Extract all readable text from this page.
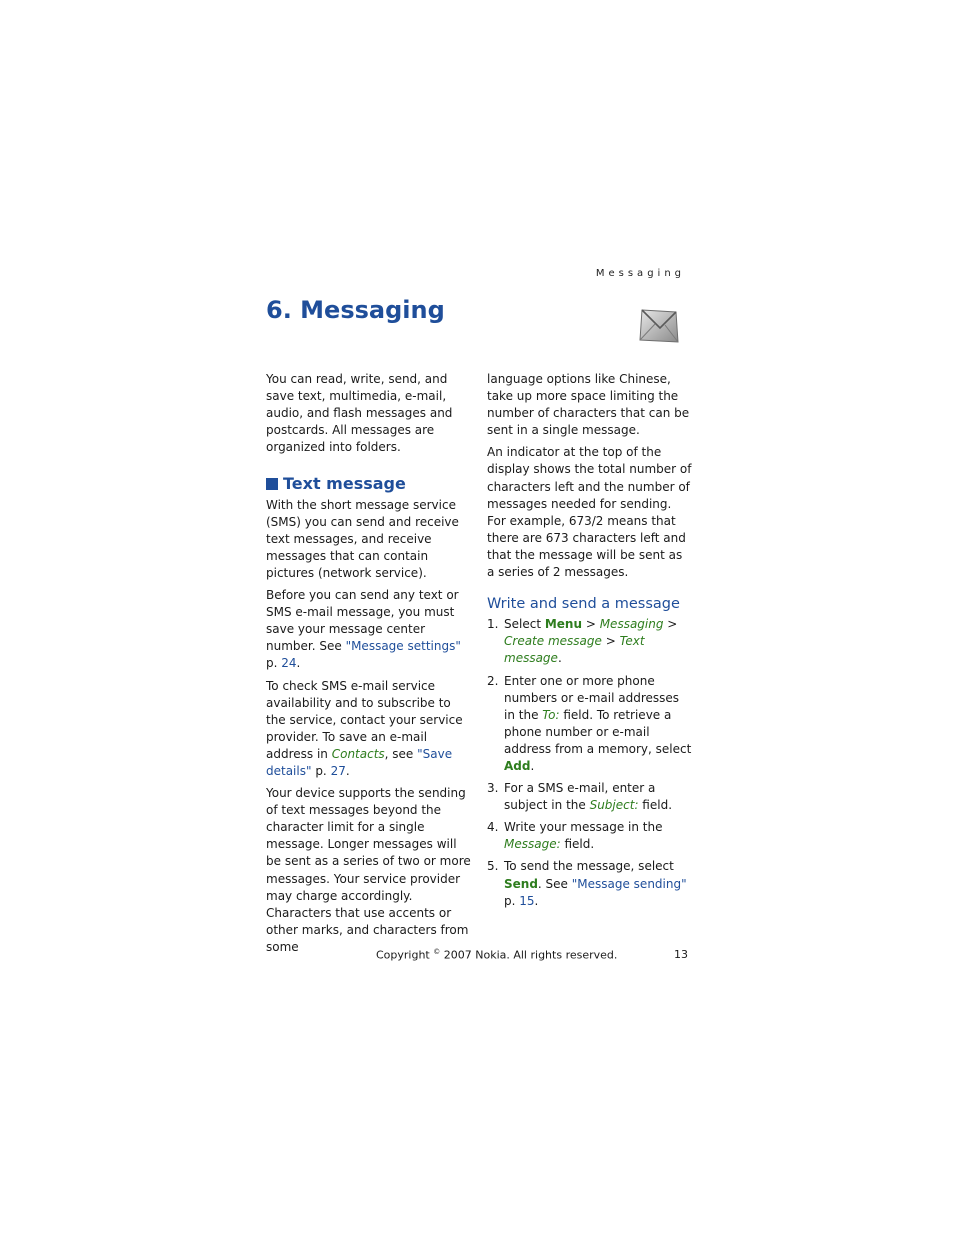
Messaging
6. Messaging

You can read, write, send, and save text, multimedia, e-mail, audio, and flash messages and postcards. All messages are organized into folders.

Text message

With the short message service (SMS) you can send and receive text messages, and receive messages that can contain pictures (network service).

Before you can send any text or SMS e-mail message, you must save your message center number. See "Message settings" p. 24.

To check SMS e-mail service availability and to subscribe to the service, contact your service provider. To save an e-mail address in Contacts, see "Save details" p. 27.

Your device supports the sending of text messages beyond the character limit for a single message. Longer messages will be sent as a series of two or more messages. Your service provider may charge accordingly. Characters that use accents or other marks, and characters from some

language options like Chinese, take up more space limiting the number of characters that can be sent in a single message.

An indicator at the top of the display shows the total number of characters left and the number of messages needed for sending. For example, 673/2 means that there are 673 characters left and that the message will be sent as a series of 2 messages.

Write and send a message
1. Select Menu > Messaging > Create message > Text message.
2. Enter one or more phone numbers or e-mail addresses in the To: field. To retrieve a phone number or e-mail address from a memory, select Add.
3. For a SMS e-mail, enter a subject in the Subject: field.
4. Write your message in the Message: field.
5. To send the message, select Send. See "Message sending" p. 15.
Copyright © 2007 Nokia. All rights reserved.	13
